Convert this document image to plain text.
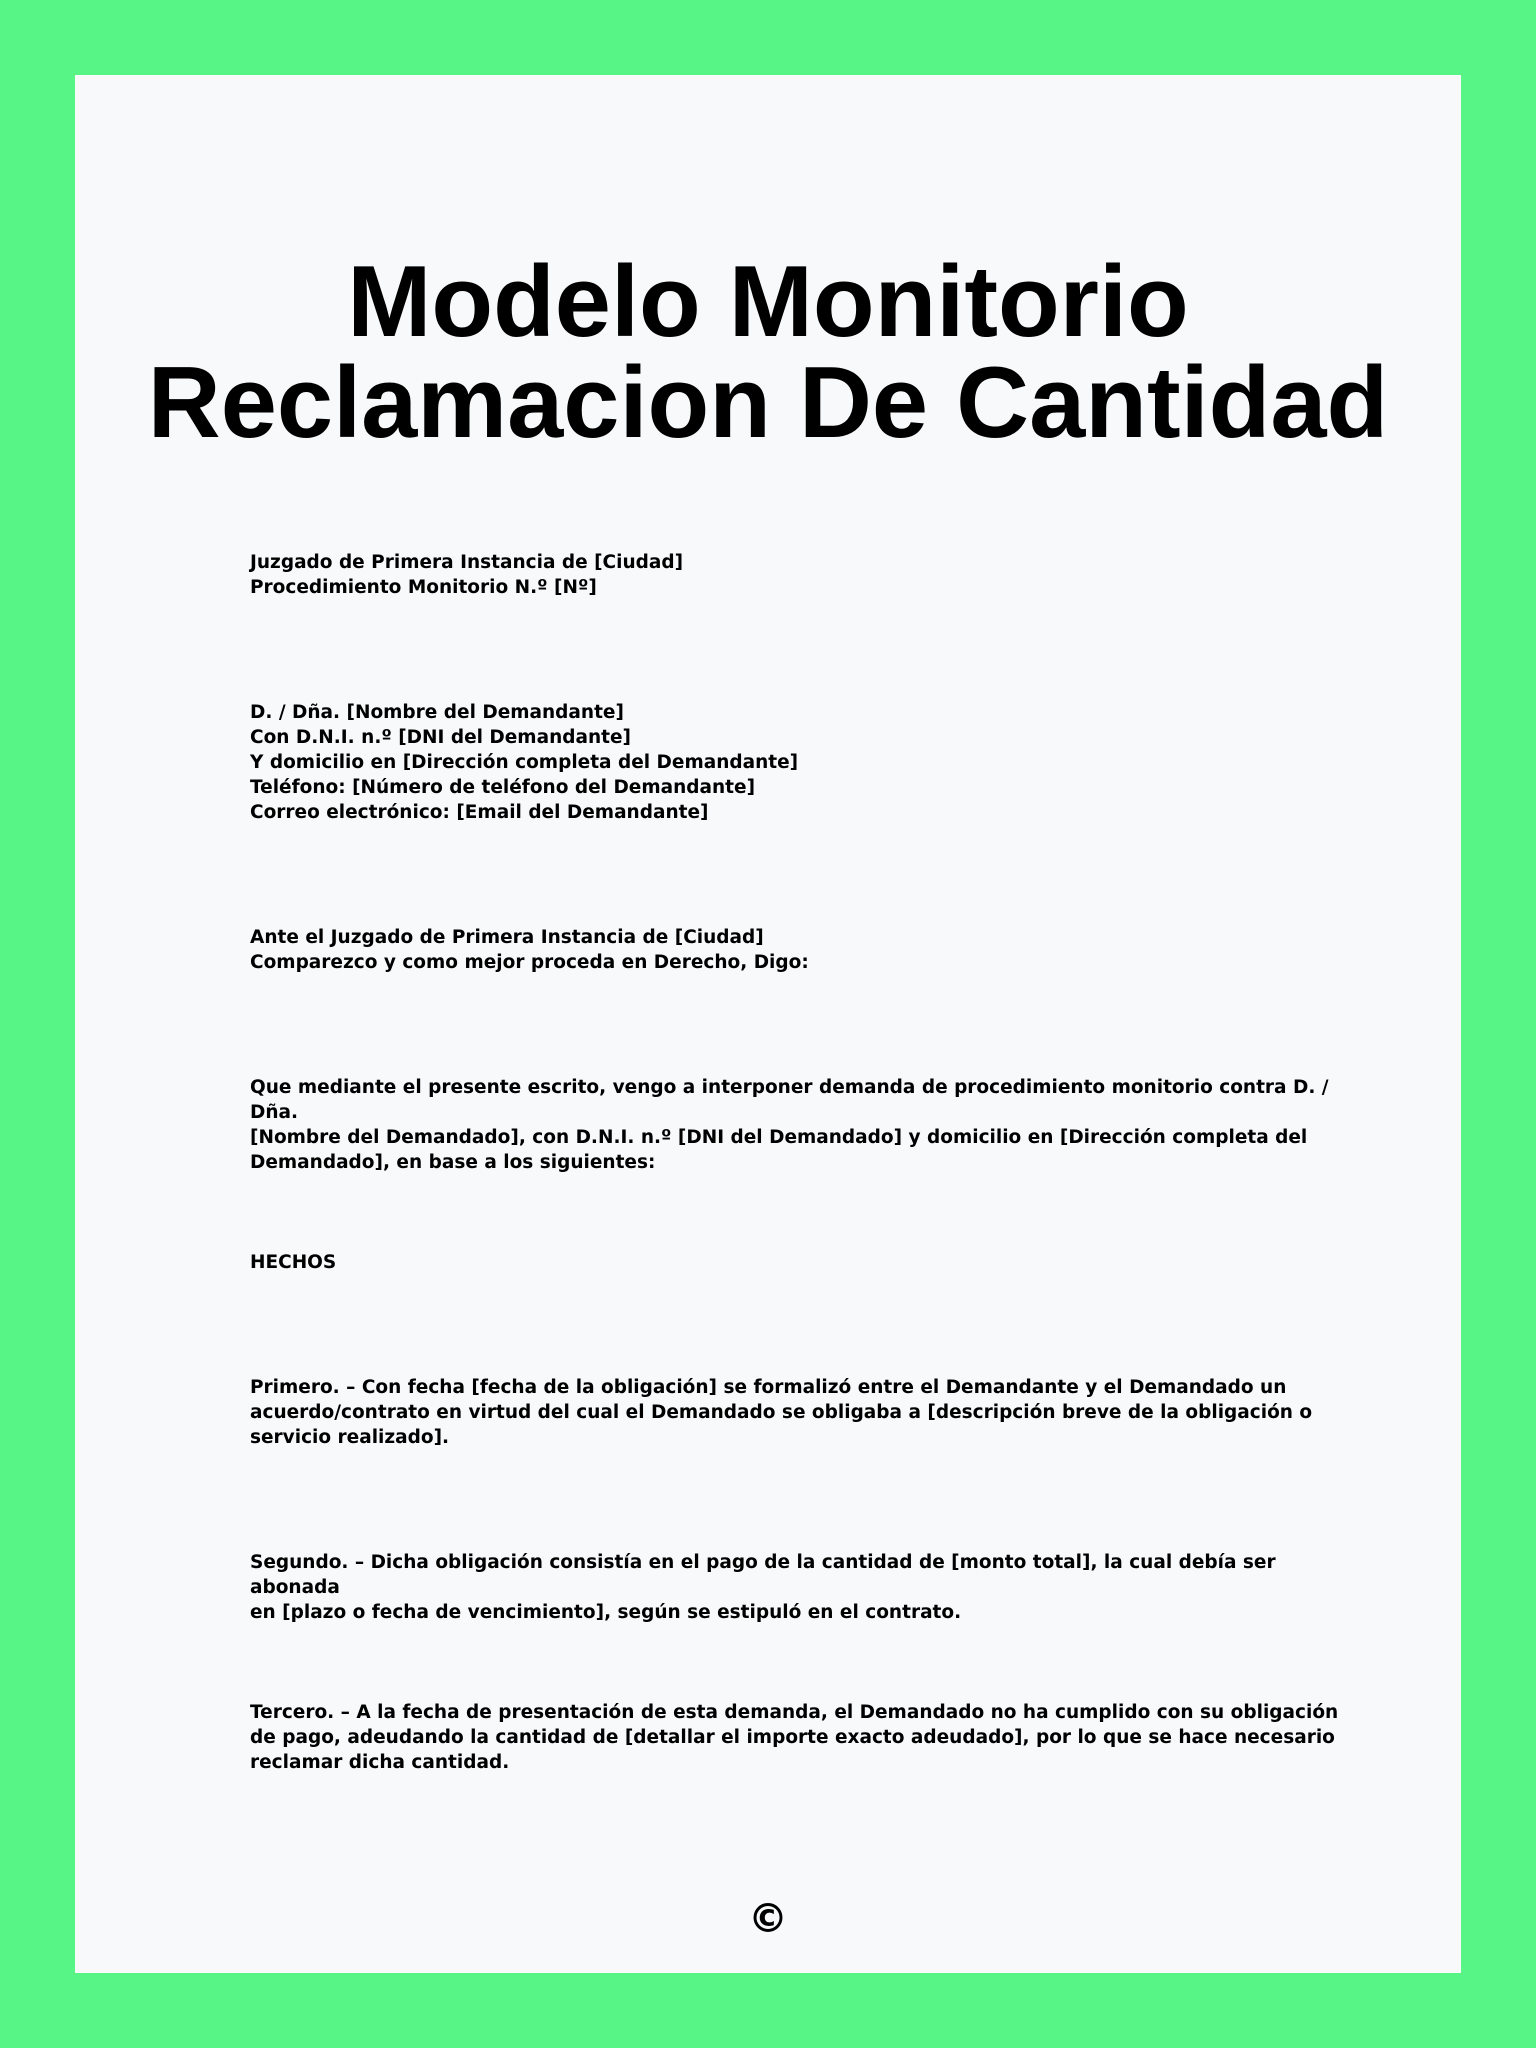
Modelo Monitorio
Reclamacion De Cantidad

Juzgado de Primera Instancia de [Ciudad]
Procedimiento Monitorio N.º [Nº]

D. / Dña. [Nombre del Demandante]
Con D.N.I. n.º [DNI del Demandante]
Y domicilio en [Dirección completa del Demandante]
Teléfono: [Número de teléfono del Demandante]
Correo electrónico: [Email del Demandante]

Ante el Juzgado de Primera Instancia de [Ciudad]
Comparezco y como mejor proceda en Derecho, Digo:

Que mediante el presente escrito, vengo a interponer demanda de procedimiento monitorio contra D. / Dña.
[Nombre del Demandado], con D.N.I. n.º [DNI del Demandado] y domicilio en [Dirección completa del
Demandado], en base a los siguientes:

HECHOS

Primero. – Con fecha [fecha de la obligación] se formalizó entre el Demandante y el Demandado un
acuerdo/contrato en virtud del cual el Demandado se obligaba a [descripción breve de la obligación o
servicio realizado].

Segundo. – Dicha obligación consistía en el pago de la cantidad de [monto total], la cual debía ser abonada
en [plazo o fecha de vencimiento], según se estipuló en el contrato.

Tercero. – A la fecha de presentación de esta demanda, el Demandado no ha cumplido con su obligación
de pago, adeudando la cantidad de [detallar el importe exacto adeudado], por lo que se hace necesario
reclamar dicha cantidad.

©
